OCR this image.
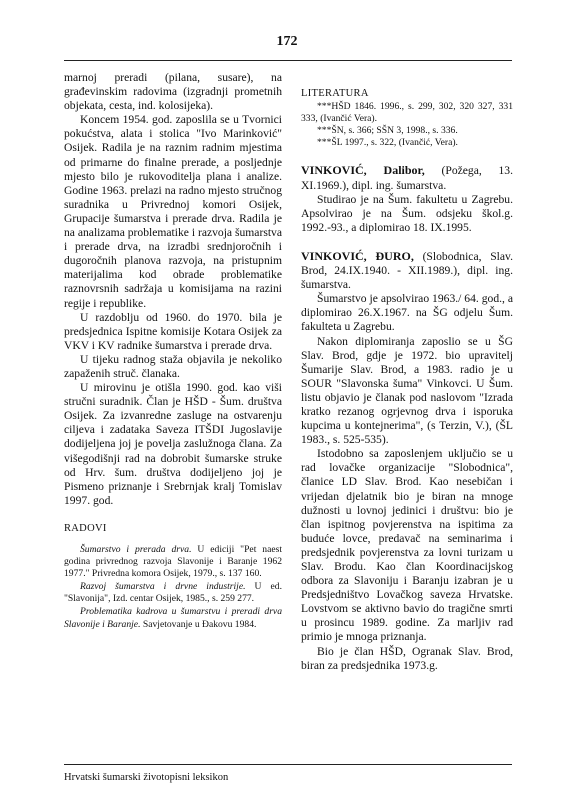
172

marnoj preradi (pilana, susare), na građevinskim radovima (izgradnji prometnih objekata, cesta, ind. kolosijeka).

Koncem 1954. god. zaposlila se u Tvornici pokućstva, alata i stolica "Ivo Marinković" Osijek. Radila je na raznim radnim mjestima od primarne do finalne prerade, a posljednje mjesto bilo je rukovoditelja plana i analize. Godine 1963. prelazi na radno mjesto stručnog suradnika u Privrednoj komori Osijek, Grupacije šumarstva i prerade drva. Radila je na analizama problematike i razvoja šumarstva i prerade drva, na izradbi srednjoročnih i dugoročnih planova razvoja, na pristupnim materijalima kod obrade problematike raznovrsnih sadržaja u komisijama na razini regije i republike.

U razdoblju od 1960. do 1970. bila je predsjednica Ispitne komisije Kotara Osijek za VKV i KV radnike šumarstva i prerade drva.

U tijeku radnog staža objavila je nekoliko zapaženih struč. članaka.

U mirovinu je otišla 1990. god. kao viši stručni suradnik. Član je HŠD - Šum. društva Osijek. Za izvanredne zasluge na ostvarenju ciljeva i zadataka Saveza ITŠDI Jugoslavije dodijeljena joj je povelja zaslužnoga člana. Za višegodišnji rad na dobrobit šumarske struke od Hrv. šum. društva dodijeljeno joj je Pismeno priznanje i Srebrnjak kralj Tomislav 1997. god.

RADOVI

Šumarstvo i prerada drva. U ediciji "Pet naest godina privrednog razvoja Slavonije i Baranje 1962 1977." Privredna komora Osijek, 1979., s. 137 160.

Razvoj šumarstva i drvne industrije. U ed. "Slavonija", Izd. centar Osijek, 1985., s. 259 277.

Problematika kadrova u šumarstvu i preradi drva Slavonije i Baranje. Savjetovanje u Đakovu 1984.

LITERATURA

***HŠD 1846. 1996., s. 299, 302, 320 327, 331 333, (Ivančić Vera).

***ŠN, s. 366; SŠN 3, 1998., s. 336.

***ŠL 1997., s. 322, (Ivančić, Vera).

VINKOVIĆ, Dalibor, (Požega, 13. XI.1969.), dipl. ing. šumarstva.

Studirao je na Šum. fakultetu u Zagrebu. Apsolvirao je na Šum. odsjeku škol.g. 1992.-93., a diplomirao 18. IX.1995.

VINKOVIĆ, ĐURO, (Slobodnica, Slav. Brod, 24.IX.1940. - XII.1989.), dipl. ing. šumarstva.

Šumarstvo je apsolvirao 1963./ 64. god., a diplomirao 26.X.1967. na ŠG odjelu Šum. fakulteta u Zagrebu.

Nakon diplomiranja zaposlio se u ŠG Slav. Brod, gdje je 1972. bio upravitelj Šumarije Slav. Brod, a 1983. radio je u SOUR "Slavonska šuma" Vinkovci. U Šum. listu objavio je članak pod naslovom "Izrada kratko rezanog ogrjevnog drva i isporuka kupcima u kontejnerima", (s Terzin, V.), (ŠL 1983., s. 525-535).

Istodobno sa zaposlenjem uključio se u rad lovačke organizacije "Slobodnica", članice LD Slav. Brod. Kao nesebičan i vrijedan djelatnik bio je biran na mnoge dužnosti u lovnoj jedinici i društvu: bio je član ispitnog povjerenstva na ispitima za buduće lovce, predavač na seminarima i predsjednik povjerenstva za lovni turizam u Slav. Brodu. Kao član Koordinacijskog odbora za Slavoniju i Baranju izabran je u Predsjedništvo Lovačkog saveza Hrvatske. Lovstvom se aktivno bavio do tragične smrti u prosincu 1989. godine. Za marljiv rad primio je mnoga priznanja.

Bio je član HŠD, Ogranak Slav. Brod, biran za predsjednika 1973.g.

Hrvatski šumarski životopisni leksikon
